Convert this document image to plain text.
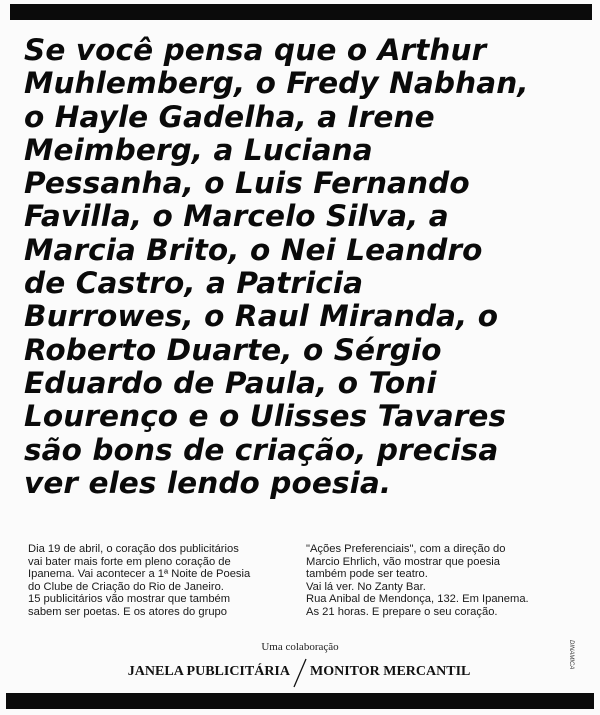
Se você pensa que o Arthur
Muhlemberg, o Fredy Nabhan,
o Hayle Gadelha, a Irene
Meimberg, a Luciana
Pessanha, o Luis Fernando
Favilla, o Marcelo Silva, a
Marcia Brito, o Nei Leandro
de Castro, a Patricia
Burrowes, o Raul Miranda, o
Roberto Duarte, o Sérgio
Eduardo de Paula, o Toni
Lourenço e o Ulisses Tavares
são bons de criação, precisa
ver eles lendo poesia.
Dia 19 de abril, o coração dos publicitários
vai bater mais forte em pleno coração de
Ipanema. Vai acontecer a 1ª Noite de Poesia
do Clube de Criação do Rio de Janeiro.
15 publicitários vão mostrar que também
sabem ser poetas. E os atores do grupo
"Ações Preferenciais", com a direção do
Marcio Ehrlich, vão mostrar que poesia
também pode ser teatro.
Vai lá ver. No Zanty Bar.
Rua Anibal de Mendonça, 132. Em Ipanema.
As 21 horas. E prepare o seu coração.
Uma colaboração
JANELA PUBLICITÁRIA MONITOR MERCANTIL
DINAMICA
